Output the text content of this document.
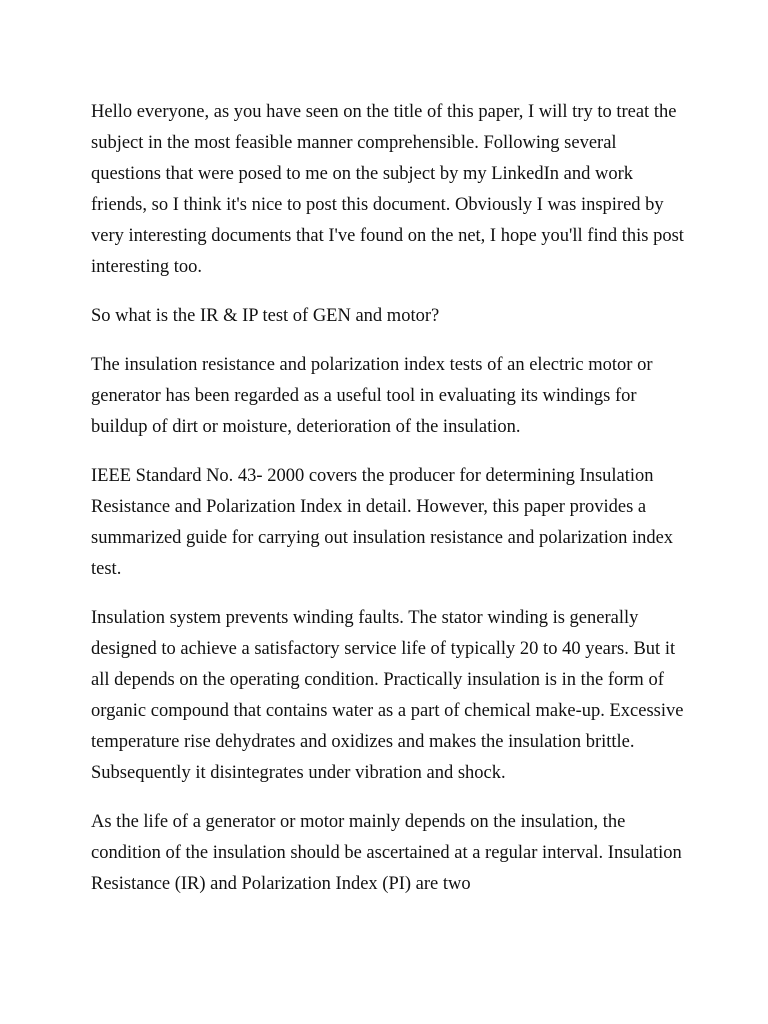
Hello everyone, as you have seen on the title of this paper, I will try to treat the subject in the most feasible manner comprehensible. Following several questions that were posed to me on the subject by my LinkedIn and work friends, so I think it's nice to post this document. Obviously I was inspired by very interesting documents that I've found on the net, I hope you'll find this post interesting too.

So what is the IR & IP test of GEN and motor?

The insulation resistance and polarization index tests of an electric motor or generator has been regarded as a useful tool in evaluating its windings for buildup of dirt or moisture, deterioration of the insulation.

IEEE Standard No. 43- 2000 covers the producer for determining Insulation Resistance and Polarization Index in detail. However, this paper provides a summarized guide for carrying out insulation resistance and polarization index test.

Insulation system prevents winding faults. The stator winding is generally designed to achieve a satisfactory service life of typically 20 to 40 years. But it all depends on the operating condition. Practically insulation is in the form of organic compound that contains water as a part of chemical make-up. Excessive temperature rise dehydrates and oxidizes and makes the insulation brittle. Subsequently it disintegrates under vibration and shock.

As the life of a generator or motor mainly depends on the insulation, the condition of the insulation should be ascertained at a regular interval. Insulation Resistance (IR) and Polarization Index (PI) are two
